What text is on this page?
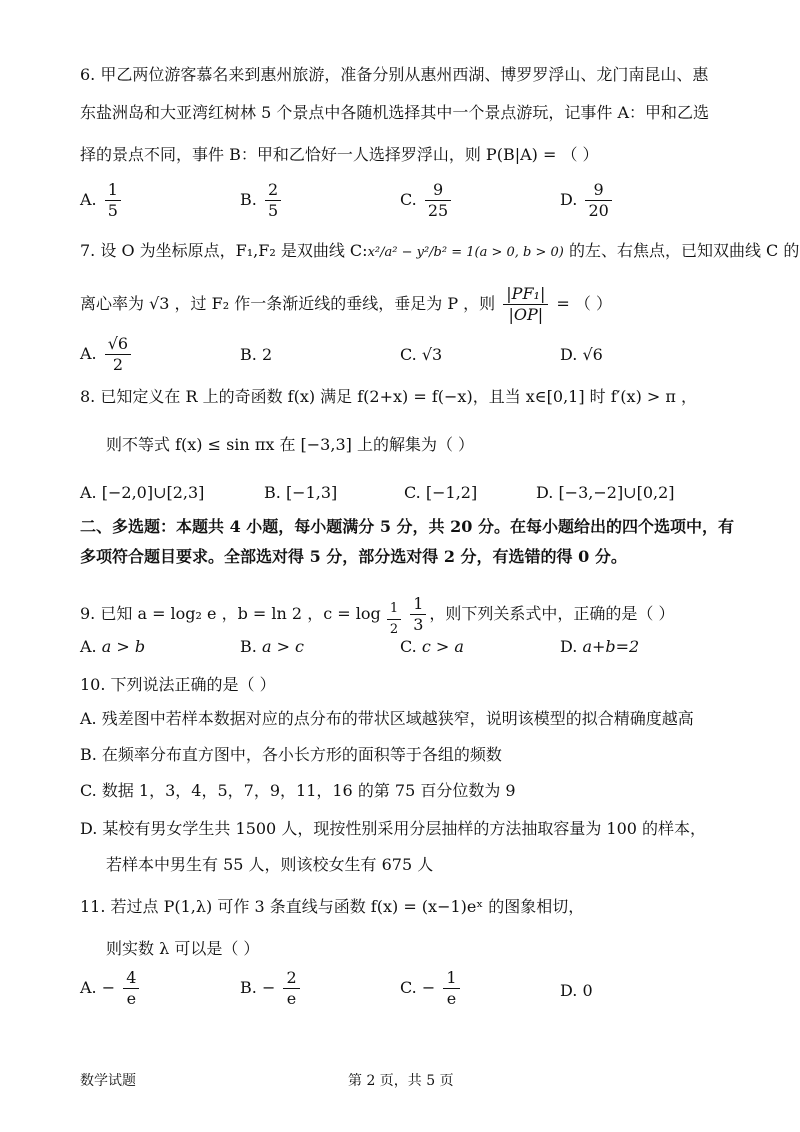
6. 甲乙两位游客慕名来到惠州旅游，准备分别从惠州西湖、博罗罗浮山、龙门南昆山、惠
东盐洲岛和大亚湾红树林 5 个景点中各随机选择其中一个景点游玩，记事件 A：甲和乙选
择的景点不同，事件 B：甲和乙恰好一人选择罗浮山，则 P(B|A) = （ ）
A. $\frac{1}{5}$	B. $\frac{2}{5}$	C. $\frac{9}{25}$	D. $\frac{9}{20}$
7. 设 O 为坐标原点，F₁,F₂ 是双曲线 C:x²/a² − y²/b² = 1(a > 0, b > 0) 的左、右焦点，已知双曲线 C 的
离心率为 √3 ，过 F₂ 作一条渐近线的垂线，垂足为 P ，则 $\frac{\text{|PF₁|}}{|OP|}$ = （ ）
A. $\frac{√6}{2}$	B. 2	C. √3	D. √6
8. 已知定义在 R 上的奇函数 f(x) 满足 f(2+x) = f(−x)，且当 x∈[0,1] 时 f′(x) > π ，
则不等式 f(x) ≤ sin πx 在 [−3,3] 上的解集为（ ）
A. [−2,0]∪[2,3]	B. [−1,3]	C. [−1,2]	D. [−3,−2]∪[0,2]
二、多选题：本题共 4 小题，每小题满分 5 分，共 20 分。在每小题给出的四个选项中，有
多项符合题目要求。全部选对得 5 分，部分选对得 2 分，有选错的得 0 分。
9. 已知 a = log₂ e ，b = ln 2 ，$c = \log \frac{1}{2}$
$\frac{1}{3}$ ，则下列关系式中，正确的是（ ）
A. a > b	B. a > c	C. c > a	D. a+b=2
10. 下列说法正确的是（ ）
A. 残差图中若样本数据对应的点分布的带状区域越狭窄，说明该模型的拟合精确度越高
B. 在频率分布直方图中，各小长方形的面积等于各组的频数
C. 数据 1，3，4，5，7，9，11，16 的第 75 百分位数为 9
D. 某校有男女学生共 1500 人，现按性别采用分层抽样的方法抽取容量为 100 的样本，
若样本中男生有 55 人，则该校女生有 675 人
11. 若过点 P(1,λ) 可作 3 条直线与函数 f(x) = (x−1)eˣ 的图象相切，
则实数 λ 可以是（ ）
A. − $\frac{4}{e}$	B. − $\frac{2}{e}$	C. − $\frac{1}{e}$	D. 0
数学试题	第 2 页，共 5 页
